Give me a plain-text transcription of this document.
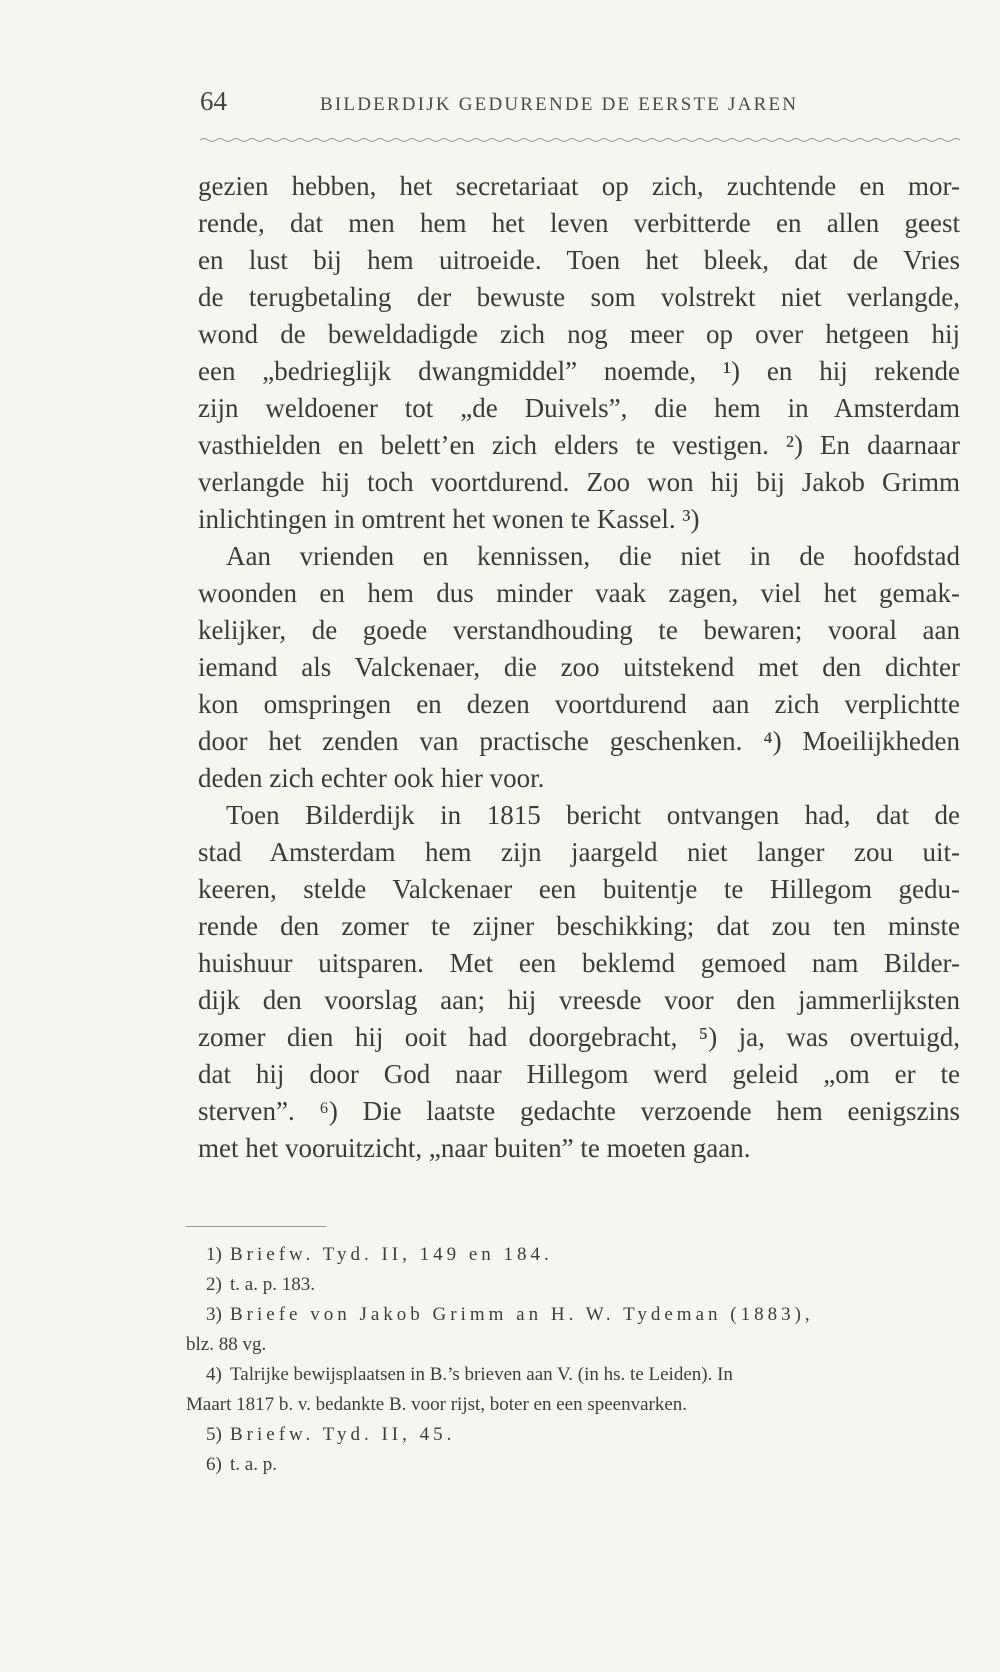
64	BILDERDIJK GEDURENDE DE EERSTE JAREN
gezien hebben, het secretariaat op zich, zuchtende en mor-
rende, dat men hem het leven verbitterde en allen geest
en lust bij hem uitroeide. Toen het bleek, dat de Vries
de terugbetaling der bewuste som volstrekt niet verlangde,
wond de beweldadigde zich nog meer op over hetgeen hij
een „bedrieglijk dwangmiddel” noemde, ¹) en hij rekende
zijn weldoener tot „de Duivels”, die hem in Amsterdam
vasthielden en belett’en zich elders te vestigen. ²) En daarnaar
verlangde hij toch voortdurend. Zoo won hij bij Jakob Grimm
inlichtingen in omtrent het wonen te Kassel. ³)
Aan vrienden en kennissen, die niet in de hoofdstad
woonden en hem dus minder vaak zagen, viel het gemak-
kelijker, de goede verstandhouding te bewaren; vooral aan
iemand als Valckenaer, die zoo uitstekend met den dichter
kon omspringen en dezen voortdurend aan zich verplichtte
door het zenden van practische geschenken. ⁴) Moeilijkheden
deden zich echter ook hier voor.
Toen Bilderdijk in 1815 bericht ontvangen had, dat de
stad Amsterdam hem zijn jaargeld niet langer zou uit-
keeren, stelde Valckenaer een buitentje te Hillegom gedu-
rende den zomer te zijner beschikking; dat zou ten minste
huishuur uitsparen. Met een beklemd gemoed nam Bilder-
dijk den voorslag aan; hij vreesde voor den jammerlijksten
zomer dien hij ooit had doorgebracht, ⁵) ja, was overtuigd,
dat hij door God naar Hillegom werd geleid „om er te
sterven”. ⁶) Die laatste gedachte verzoende hem eenigszins
met het vooruitzicht, „naar buiten” te moeten gaan.
1) Briefw. Tyd. II, 149 en 184.
2) t. a. p. 183.
3) Briefe von Jakob Grimm an H. W. Tydeman (1883),
blz. 88 vg.
4) Talrijke bewijsplaatsen in B.’s brieven aan V. (in hs. te Leiden). In
Maart 1817 b. v. bedankte B. voor rijst, boter en een speenvarken.
5) Briefw. Tyd. II, 45.
6) t. a. p.
